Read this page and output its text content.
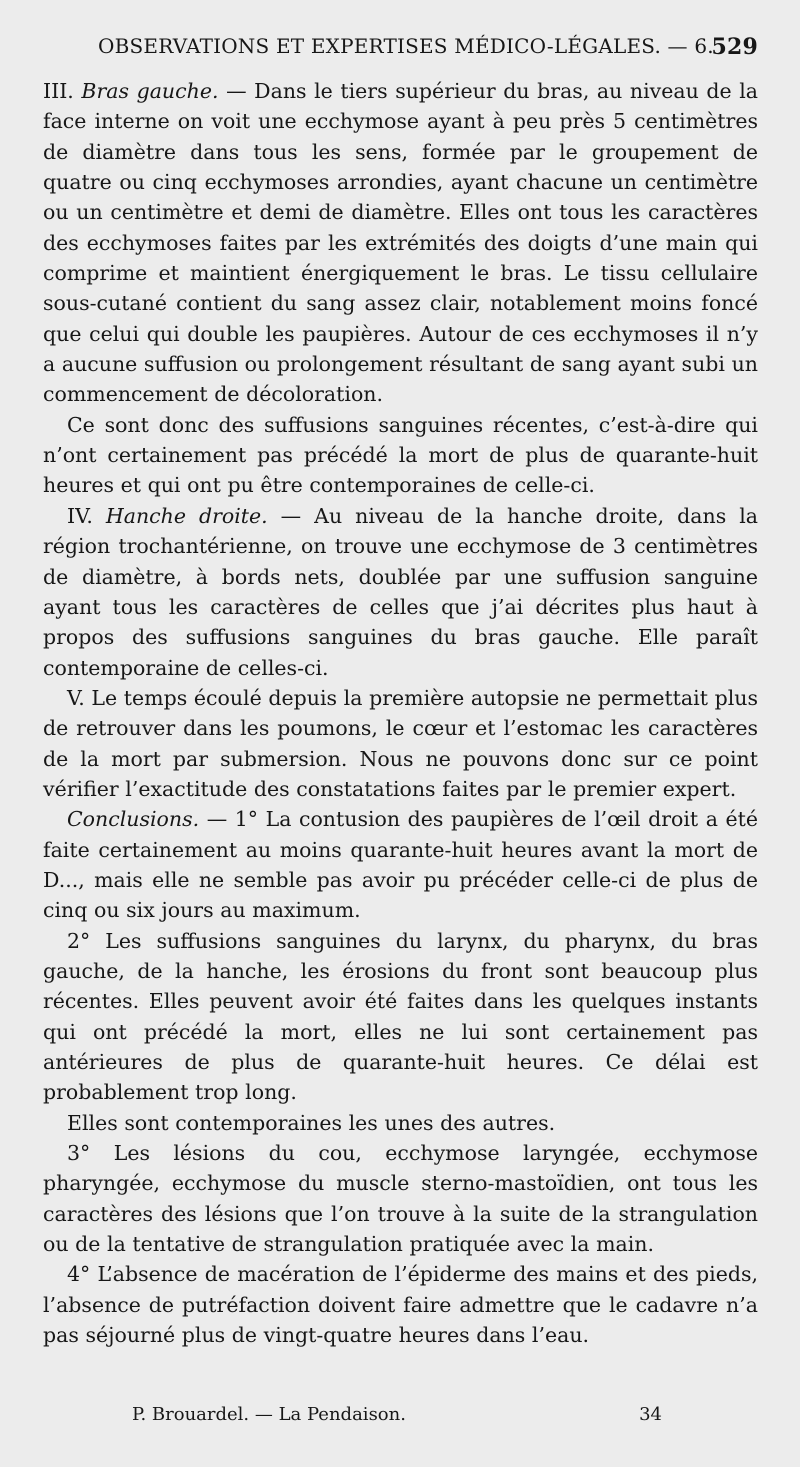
OBSERVATIONS ET EXPERTISES MÉDICO-LÉGALES. — 6.
529

III. Bras gauche. — Dans le tiers supérieur du bras, au niveau de la face interne on voit une ecchymose ayant à peu près 5 centimètres de diamètre dans tous les sens, formée par le groupement de quatre ou cinq ecchymoses arrondies, ayant chacune un centimètre ou un centimètre et demi de diamètre. Elles ont tous les caractères des ecchymoses faites par les extrémités des doigts d’une main qui comprime et maintient énergiquement le bras. Le tissu cellulaire sous-cutané contient du sang assez clair, notablement moins foncé que celui qui double les paupières. Autour de ces ecchymoses il n’y a aucune suffusion ou prolongement résultant de sang ayant subi un commencement de décoloration.

Ce sont donc des suffusions sanguines récentes, c’est-à-dire qui n’ont certainement pas précédé la mort de plus de quarante-huit heures et qui ont pu être contemporaines de celle-ci.

IV. Hanche droite. — Au niveau de la hanche droite, dans la région trochantérienne, on trouve une ecchymose de 3 centimètres de diamètre, à bords nets, doublée par une suffusion sanguine ayant tous les caractères de celles que j’ai décrites plus haut à propos des suffusions sanguines du bras gauche. Elle paraît contemporaine de celles-ci.

V. Le temps écoulé depuis la première autopsie ne permettait plus de retrouver dans les poumons, le cœur et l’estomac les caractères de la mort par submersion. Nous ne pouvons donc sur ce point vérifier l’exactitude des constatations faites par le premier expert.

Conclusions. — 1° La contusion des paupières de l’œil droit a été faite certainement au moins quarante-huit heures avant la mort de D..., mais elle ne semble pas avoir pu précéder celle-ci de plus de cinq ou six jours au maximum.

2° Les suffusions sanguines du larynx, du pharynx, du bras gauche, de la hanche, les érosions du front sont beaucoup plus récentes. Elles peuvent avoir été faites dans les quelques instants qui ont précédé la mort, elles ne lui sont certainement pas antérieures de plus de quarante-huit heures. Ce délai est probablement trop long.

Elles sont contemporaines les unes des autres.

3° Les lésions du cou, ecchymose laryngée, ecchymose pharyngée, ecchymose du muscle sterno-mastoïdien, ont tous les caractères des lésions que l’on trouve à la suite de la strangulation ou de la tentative de strangulation pratiquée avec la main.

4° L’absence de macération de l’épiderme des mains et des pieds, l’absence de putréfaction doivent faire admettre que le cadavre n’a pas séjourné plus de vingt-quatre heures dans l’eau.

P. Brouardel. — La Pendaison.	34
